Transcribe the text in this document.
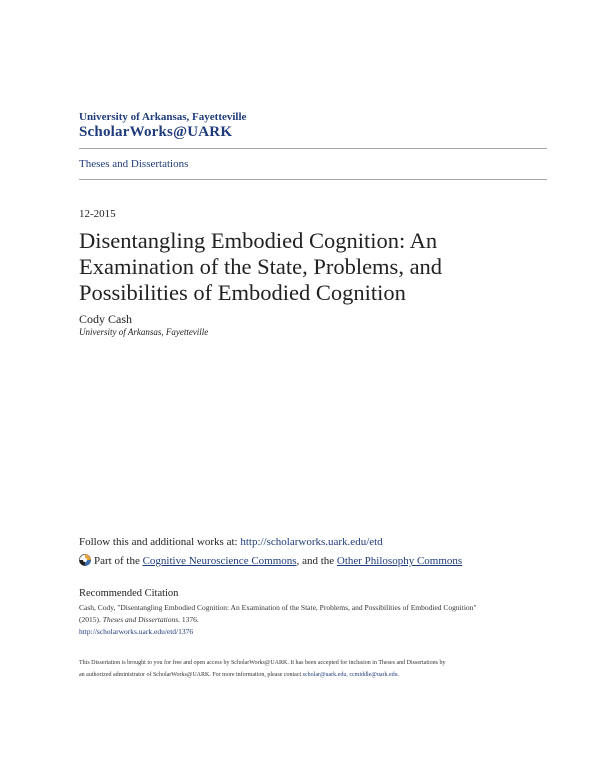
University of Arkansas, Fayetteville
ScholarWorks@UARK
Theses and Dissertations
12-2015
Disentangling Embodied Cognition: An
Examination of the State, Problems, and
Possibilities of Embodied Cognition
Cody Cash
University of Arkansas, Fayetteville
Follow this and additional works at: http://scholarworks.uark.edu/etd
Part of the Cognitive Neuroscience Commons, and the Other Philosophy Commons
Recommended Citation
Cash, Cody, "Disentangling Embodied Cognition: An Examination of the State, Problems, and Possibilities of Embodied Cognition"
(2015). Theses and Dissertations. 1376.
http://scholarworks.uark.edu/etd/1376
This Dissertation is brought to you for free and open access by ScholarWorks@UARK. It has been accepted for inclusion in Theses and Dissertations by
an authorized administrator of ScholarWorks@UARK. For more information, please contact scholar@uark.edu, ccmiddle@uark.edu.
